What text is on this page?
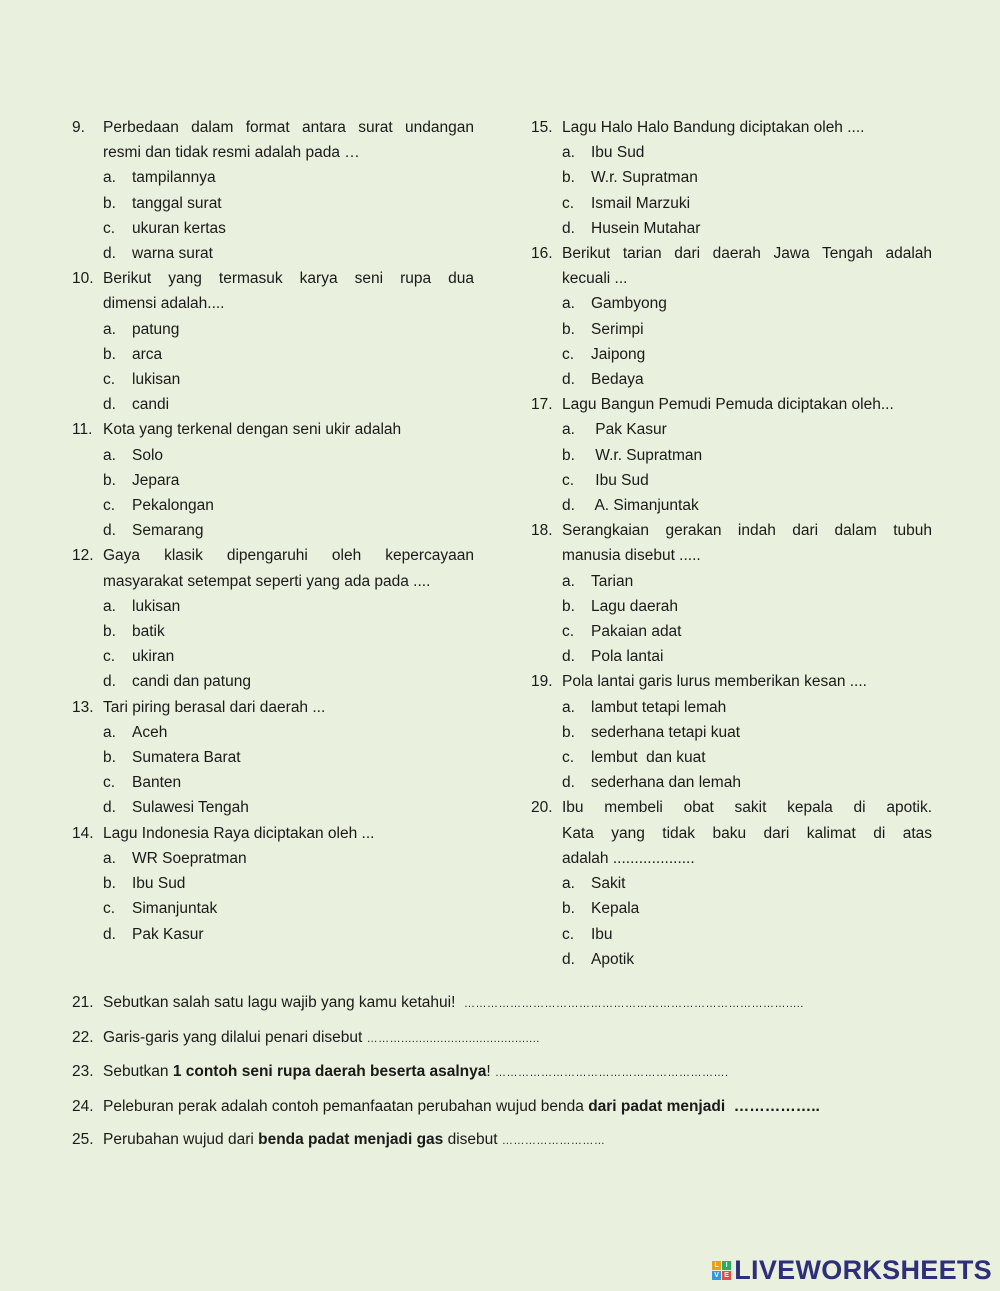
9.	Perbedaan dalam format antara surat undangan
resmi dan tidak resmi adalah pada …
a.	tampilannya
b.	tanggal surat
c.	ukuran kertas
d.	warna surat
10. Berikut yang termasuk karya seni rupa dua
dimensi adalah....
a.	patung
b.	arca
c.	lukisan
d.	candi
11. Kota yang terkenal dengan seni ukir adalah
a.	Solo
b.	Jepara
c.	Pekalongan
d.	Semarang
12. Gaya klasik dipengaruhi oleh kepercayaan
masyarakat setempat seperti yang ada pada ....
a.	lukisan
b.	batik
c.	ukiran
d.	candi dan patung
13. Tari piring berasal dari daerah ...
a.	Aceh
b.	Sumatera Barat
c.	Banten
d.	Sulawesi Tengah
14. Lagu Indonesia Raya diciptakan oleh ...
a.	WR Soepratman
b.	Ibu Sud
c.	Simanjuntak
d.	Pak Kasur
15. Lagu Halo Halo Bandung diciptakan oleh ....
a.	Ibu Sud
b.	W.r. Supratman
c.	Ismail Marzuki
d.	Husein Mutahar
16. Berikut tarian dari daerah Jawa Tengah adalah
kecuali ...
a.	Gambyong
b.	Serimpi
c.	Jaipong
d.	Bedaya
17. Lagu Bangun Pemudi Pemuda diciptakan oleh...
a.	Pak Kasur
b.	W.r. Supratman
c.	Ibu Sud
d.	A. Simanjuntak
18. Serangkaian gerakan indah dari dalam tubuh
manusia disebut .....
a.	Tarian
b.	Lagu daerah
c.	Pakaian adat
d.	Pola lantai
19. Pola lantai garis lurus memberikan kesan ....
a.	lambut tetapi lemah
b.	sederhana tetapi kuat
c.	lembut  dan kuat
d.	sederhana dan lemah
20. Ibu membeli obat sakit kepala di apotik.
Kata yang tidak baku dari kalimat di atas
adalah ...................
a.	Sakit
b.	Kepala
c.	Ibu
d.	Apotik
21. Sebutkan salah satu lagu wajib yang kamu ketahui!  ………………………………………………………………………….....
22. Garis-garis yang dilalui penari disebut ……….......................................
23. Sebutkan 1 contoh seni rupa daerah beserta asalnya! …………………………………………………….
24. Peleburan perak adalah contoh pemanfaatan perubahan wujud benda dari padat menjadi  ……………..
25. Perubahan wujud dari benda padat menjadi gas disebut ………………………
L I
V E LIVEWORKSHEETS
